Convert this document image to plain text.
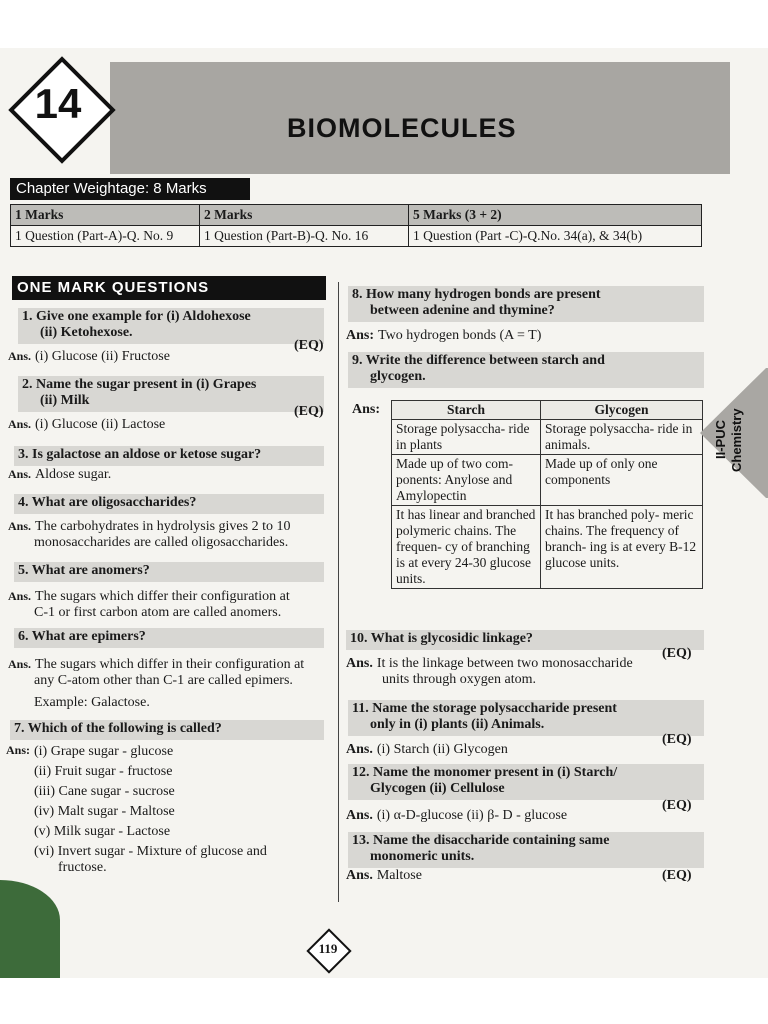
14
BIOMOLECULES
Chapter Weightage: 8 Marks
1 Marks	2 Marks	5 Marks (3 + 2)
1 Question (Part-A)-Q. No. 9	1 Question (Part-B)-Q. No. 16	1 Question (Part -C)-Q.No. 34(a), & 34(b)
ONE MARK QUESTIONS
1. Give one example for (i) Aldohexose
(ii) Ketohexose.
(EQ)
Ans. (i) Glucose (ii) Fructose
2. Name the sugar present in (i) Grapes
(ii) Milk
(EQ)
Ans. (i) Glucose (ii) Lactose
3. Is galactose an aldose or ketose sugar?
Ans. Aldose sugar.
4. What are oligosaccharides?
Ans. The carbohydrates in hydrolysis gives 2 to 10
monosaccharides are called oligosaccharides.
5. What are anomers?
Ans. The sugars which differ their configuration at
C-1 or first carbon atom are called anomers.
6. What are epimers?
Ans. The sugars which differ in their configuration at
any C-atom other than C-1 are called epimers.
Example: Galactose.
7. Which of the following is called?
Ans: (i) Grape sugar - glucose
(ii) Fruit sugar - fructose
(iii) Cane sugar - sucrose
(iv) Malt sugar - Maltose
(v) Milk sugar - Lactose
(vi) Invert sugar - Mixture of glucose and
fructose.
8. How many hydrogen bonds are present
between adenine and thymine?
Ans: Two hydrogen bonds (A = T)
9. Write the difference between starch and
glycogen.
Ans:	Starch	Glycogen
Storage polysaccha- ride in plants	Storage polysaccha- ride in animals.
Made up of two com- ponents: Anylose and Amylopectin	Made up of only one components
It has linear and branched polymeric chains. The frequen- cy of branching is at every 24-30 glucose units.	It has branched poly- meric chains. The frequency of branch- ing is at every B-12 glucose units.
10. What is glycosidic linkage?
(EQ)
Ans. It is the linkage between two monosaccharide
units through oxygen atom.
11. Name the storage polysaccharide present
only in (i) plants (ii) Animals.
(EQ)
Ans. (i) Starch (ii) Glycogen
12. Name the monomer present in (i) Starch/
Glycogen (ii) Cellulose
(EQ)
Ans. (i) α-D-glucose (ii) β- D - glucose
13. Name the disaccharide containing same
monomeric units.
(EQ)
Ans. Maltose
II-PUC
Chemistry
119
